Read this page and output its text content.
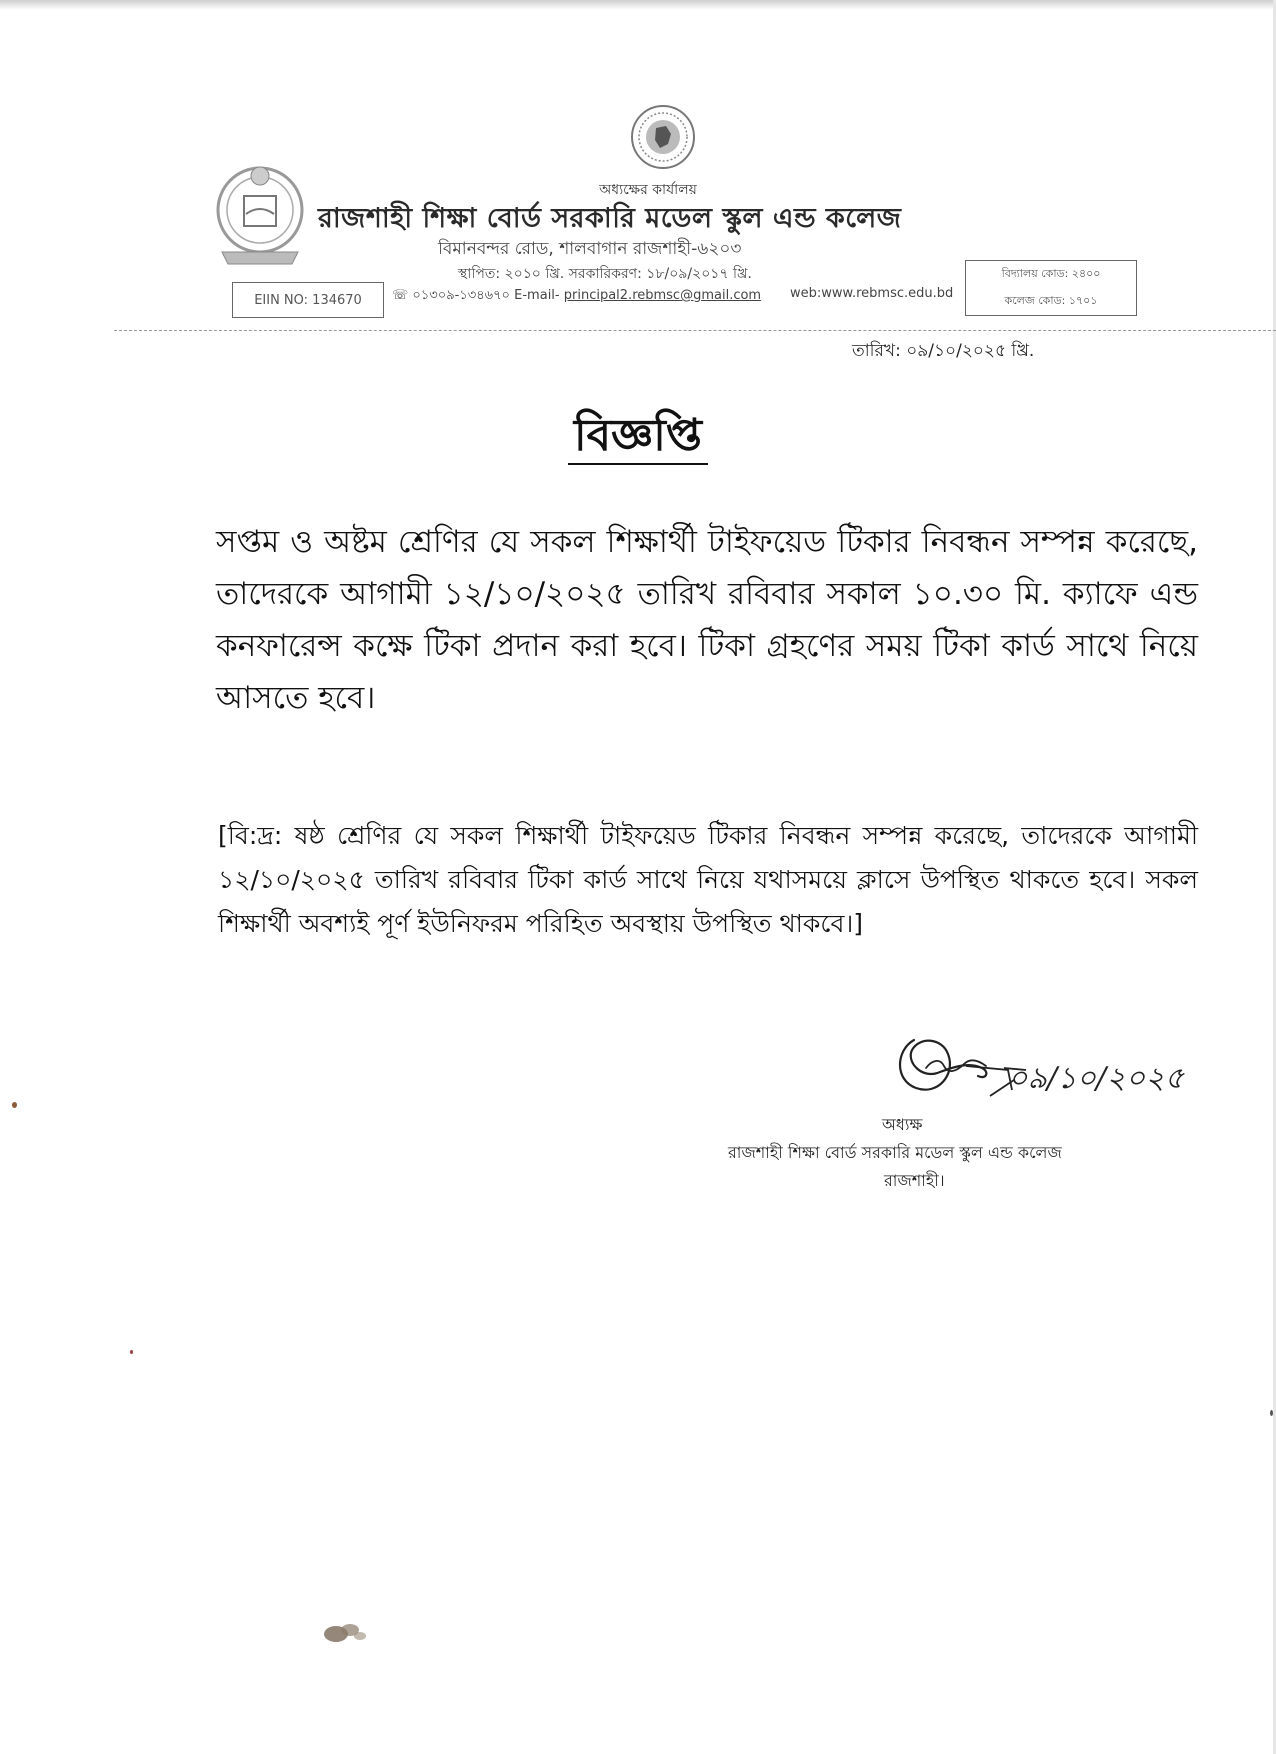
অধ্যক্ষের কার্যালয়
রাজশাহী শিক্ষা বোর্ড সরকারি মডেল স্কুল এন্ড কলেজ
বিমানবন্দর রোড, শালবাগান রাজশাহী-৬২০৩
স্থাপিত: ২০১০ খ্রি. সরকারিকরণ: ১৮/০৯/২০১৭ খ্রি.
EIIN NO: 134670 ☏ ০১৩০৯-১৩৪৬৭০ E-mail- principal2.rebmsc@gmail.com web:www.rebmsc.edu.bd
বিদ্যালয় কোড: ২৪০০
কলেজ কোড: ১৭০১
তারিখ: ০৯/১০/২০২৫ খ্রি.
বিজ্ঞপ্তি
সপ্তম ও অষ্টম শ্রেণির যে সকল শিক্ষার্থী টাইফয়েড টিকার নিবন্ধন সম্পন্ন করেছে, তাদেরকে আগামী ১২/১০/২০২৫ তারিখ রবিবার সকাল ১০.৩০ মি. ক্যাফে এন্ড কনফারেন্স কক্ষে টিকা প্রদান করা হবে। টিকা গ্রহণের সময় টিকা কার্ড সাথে নিয়ে আসতে হবে।
[বি:দ্র: ষষ্ঠ শ্রেণির যে সকল শিক্ষার্থী টাইফয়েড টিকার নিবন্ধন সম্পন্ন করেছে, তাদেরকে আগামী ১২/১০/২০২৫ তারিখ রবিবার টিকা কার্ড সাথে নিয়ে যথাসময়ে ক্লাসে উপস্থিত থাকতে হবে। সকল শিক্ষার্থী অবশ্যই পূর্ণ ইউনিফরম পরিহিত অবস্থায় উপস্থিত থাকবে।]
০৯/১০/২০২৫
অধ্যক্ষ
রাজশাহী শিক্ষা বোর্ড সরকারি মডেল স্কুল এন্ড কলেজ
রাজশাহী।
